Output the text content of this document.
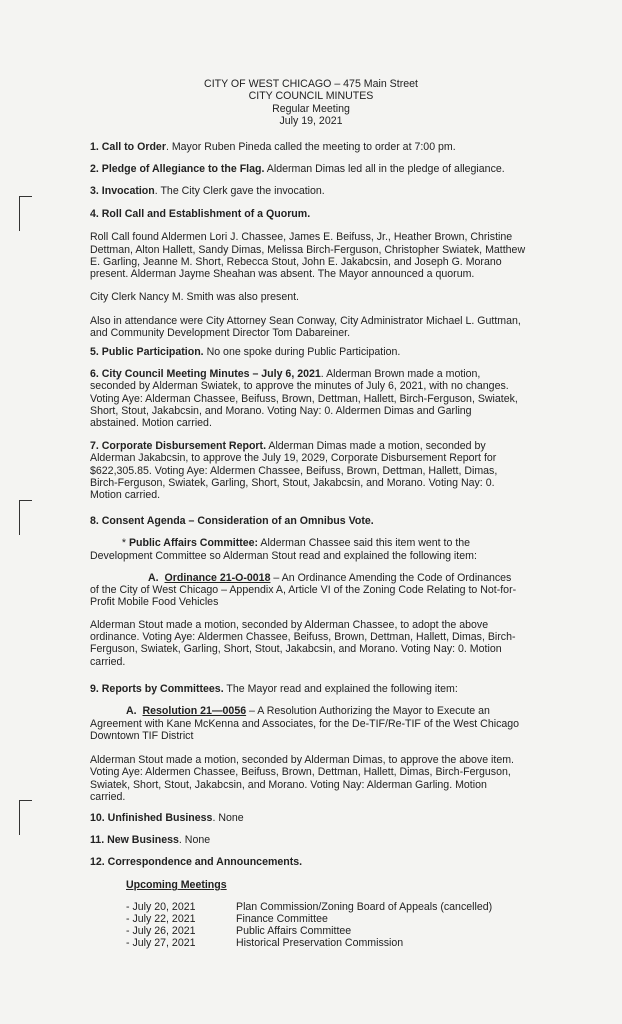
CITY OF WEST CHICAGO – 475 Main Street
CITY COUNCIL MINUTES
Regular Meeting
July 19, 2021
1. Call to Order. Mayor Ruben Pineda called the meeting to order at 7:00 pm.
2. Pledge of Allegiance to the Flag. Alderman Dimas led all in the pledge of allegiance.
3. Invocation. The City Clerk gave the invocation.
4. Roll Call and Establishment of a Quorum.
Roll Call found Aldermen Lori J. Chassee, James E. Beifuss, Jr., Heather Brown, Christine
Dettman, Alton Hallett, Sandy Dimas, Melissa Birch-Ferguson, Christopher Swiatek, Matthew
E. Garling, Jeanne M. Short, Rebecca Stout, John E. Jakabcsin, and Joseph G. Morano
present. Alderman Jayme Sheahan was absent. The Mayor announced a quorum.
City Clerk Nancy M. Smith was also present.
Also in attendance were City Attorney Sean Conway, City Administrator Michael L. Guttman,
and Community Development Director Tom Dabareiner.
5. Public Participation. No one spoke during Public Participation.
6. City Council Meeting Minutes – July 6, 2021. Alderman Brown made a motion,
seconded by Alderman Swiatek, to approve the minutes of July 6, 2021, with no changes.
Voting Aye: Alderman Chassee, Beifuss, Brown, Dettman, Hallett, Birch-Ferguson, Swiatek,
Short, Stout, Jakabcsin, and Morano. Voting Nay: 0. Aldermen Dimas and Garling
abstained. Motion carried.
7. Corporate Disbursement Report. Alderman Dimas made a motion, seconded by
Alderman Jakabcsin, to approve the July 19, 2029, Corporate Disbursement Report for
$622,305.85. Voting Aye: Aldermen Chassee, Beifuss, Brown, Dettman, Hallett, Dimas,
Birch-Ferguson, Swiatek, Garling, Short, Stout, Jakabcsin, and Morano. Voting Nay: 0.
Motion carried.
8. Consent Agenda – Consideration of an Omnibus Vote.
* Public Affairs Committee: Alderman Chassee said this item went to the
Development Committee so Alderman Stout read and explained the following item:
A. Ordinance 21-O-0018 – An Ordinance Amending the Code of Ordinances
of the City of West Chicago – Appendix A, Article VI of the Zoning Code Relating to Not-for-
Profit Mobile Food Vehicles
Alderman Stout made a motion, seconded by Alderman Chassee, to adopt the above
ordinance. Voting Aye: Aldermen Chassee, Beifuss, Brown, Dettman, Hallett, Dimas, Birch-
Ferguson, Swiatek, Garling, Short, Stout, Jakabcsin, and Morano. Voting Nay: 0. Motion
carried.
9. Reports by Committees. The Mayor read and explained the following item:
A. Resolution 21—0056 – A Resolution Authorizing the Mayor to Execute an
Agreement with Kane McKenna and Associates, for the De-TIF/Re-TIF of the West Chicago
Downtown TIF District
Alderman Stout made a motion, seconded by Alderman Dimas, to approve the above item.
Voting Aye: Aldermen Chassee, Beifuss, Brown, Dettman, Hallett, Dimas, Birch-Ferguson,
Swiatek, Short, Stout, Jakabcsin, and Morano. Voting Nay: Alderman Garling. Motion
carried.
10. Unfinished Business. None
11. New Business. None
12. Correspondence and Announcements.
Upcoming Meetings
- July 20, 2021	Plan Commission/Zoning Board of Appeals (cancelled)
- July 22, 2021	Finance Committee
- July 26, 2021	Public Affairs Committee
- July 27, 2021	Historical Preservation Commission
